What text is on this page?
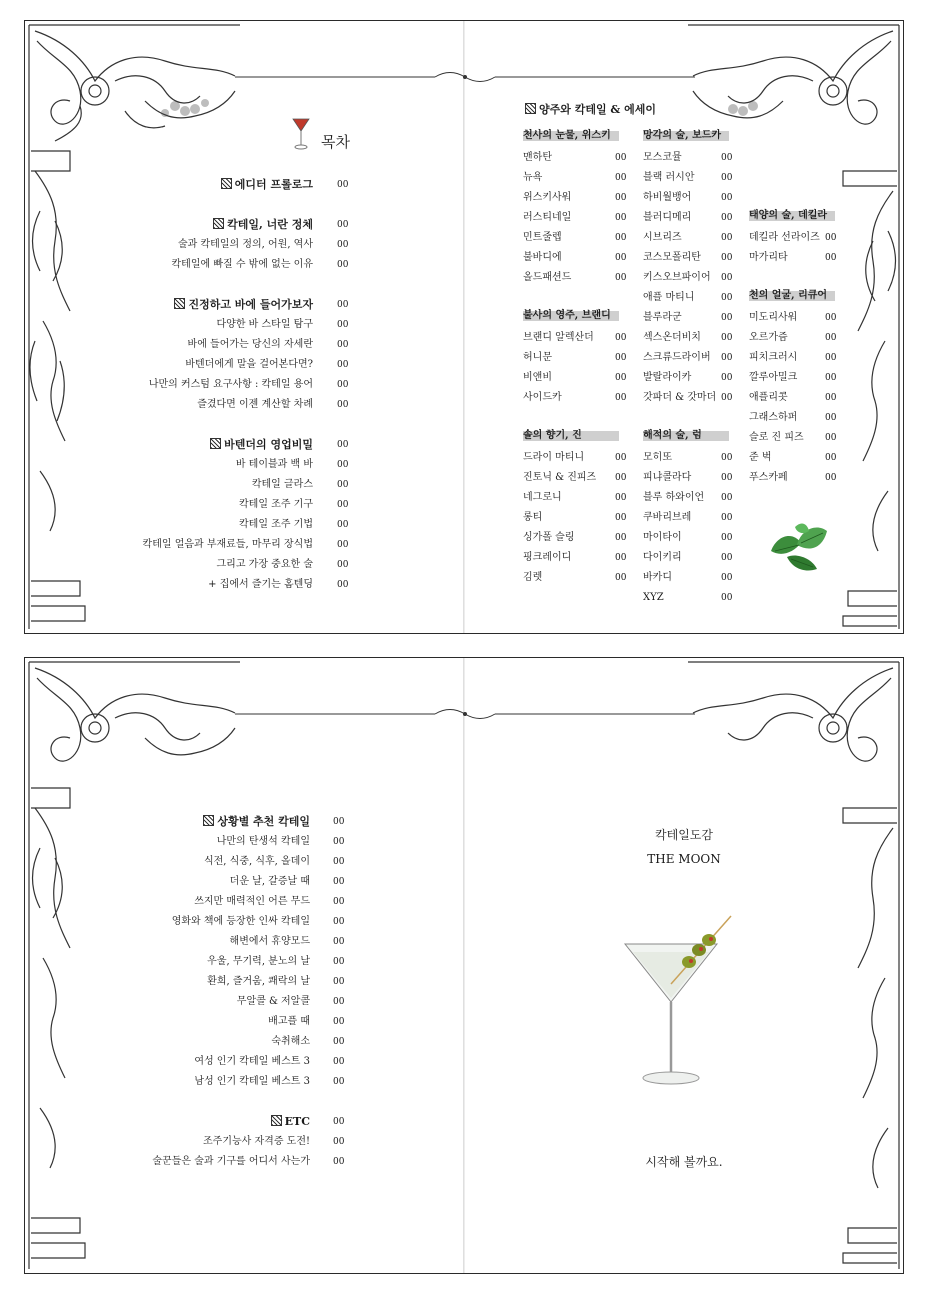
목차
에디터 프롤로그	00
칵테일, 너란 정체	00
술과 칵테일의 정의, 어원, 역사	00
칵테일에 빠질 수 밖에 없는 이유	00
진정하고 바에 들어가보자	00
다양한 바 스타일 탐구	00
바에 들어가는 당신의 자세란	00
바텐더에게 말을 걸어본다면?	00
나만의 커스텀 요구사항 : 칵테일 용어	00
즐겼다면 이젠 계산할 차례	00
바텐더의 영업비밀	00
바 테이블과 백 바	00
칵테일 글라스	00
칵테일 조주 기구	00
칵테일 조주 기법	00
칵테일 얼음과 부재료들, 마무리 장식법	00
그리고 가장 중요한 술	00
+ 집에서 즐기는 홈텐딩	00
양주와 칵테일 & 에세이
천사의 눈물, 위스키
맨하탄	00
뉴욕	00
위스키사워	00
러스티네일	00
민트줄렙	00
불바디에	00
올드패션드	00
불사의 영주, 브랜디
브랜디 알렉산더 00
허니문	00
비앤비	00
사이드카	00
솔의 향기, 진
드라이 마티니	00
진토닉 & 진피즈 00
네그로니	00
롱티	00
싱가폴 슬링	00
핑크레이디	00
김렛	00
망각의 술, 보드카
모스코뮬	00
블랙 러시안	00
하비월뱅어	00
블러디메리	00
시브리즈	00
코스모폴리탄 00
키스오브파이어 00
애플 마티니	00
블루라군	00
섹스온더비치 00
스크류드라이버 00
발랄라이카	00
갓파더 & 갓마더 00
해적의 술, 럼
모히또	00
피냐콜라다	00
블루 하와이언 00
쿠바리브레	00
마이타이	00
다이키리	00
바카디	00
XYZ	00
태양의 술, 데킬라
데킬라 선라이즈 00
마가리타	00
천의 얼굴, 리큐어
미도리사워	00
오르가즘	00
피치크러시	00
깔루아밀크	00
애플리콧	00
그래스하퍼	00
슬로 진 피즈 00
준 벅	00
푸스카페	00
상황별 추천 칵테일	00
나만의 탄생석 칵테일	00
식전, 식중, 식후, 올데이	00
더운 날, 갈증날 때	00
쓰지만 매력적인 어른 무드	00
영화와 책에 등장한 인싸 칵테일	00
해변에서 휴양모드	00
우울, 무기력, 분노의 날	00
환희, 즐거움, 쾌락의 날	00
무알콜 & 저알콜	00
배고플 때	00
숙취해소	00
여성 인기 칵테일 베스트 3	00
남성 인기 칵테일 베스트 3	00
ETC	00
조주기능사 자격증 도전!	00
술꾼들은 술과 기구를 어디서 사는가	00
칵테일도감
THE MOON
시작해 볼까요.
